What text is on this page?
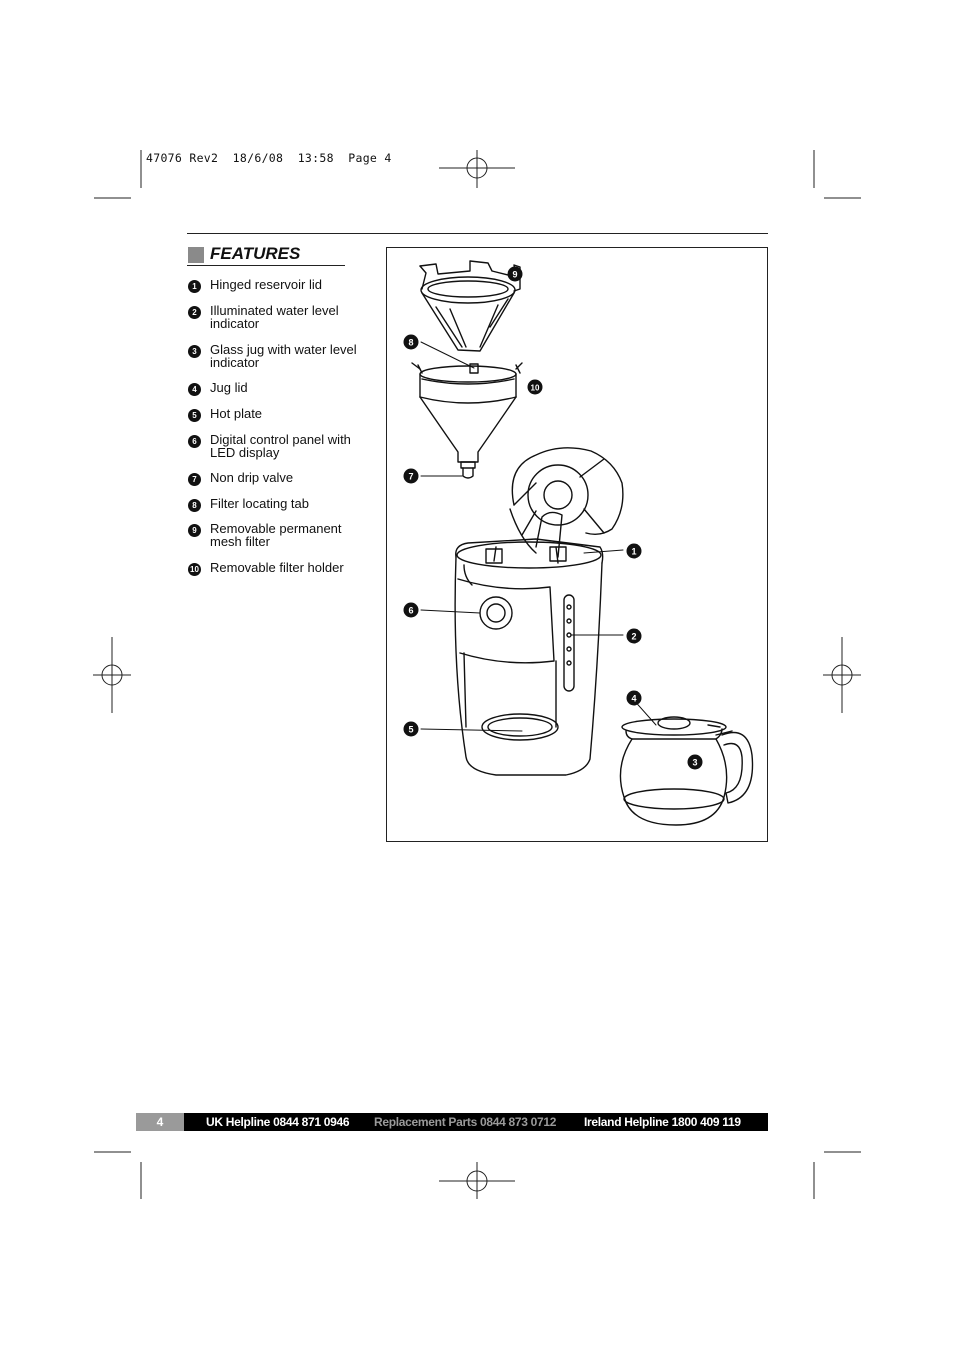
47076 Rev2  18/6/08  13:58  Page 4
FEATURES
1	Hinged reservoir lid
2	Illuminated water level indicator
3	Glass jug with water level indicator
4	Jug lid
5	Hot plate
6	Digital control panel with LED display
7	Non drip valve
8	Filter locating tab
9	Removable permanent mesh filter
10 Removable filter holder
9
8
10
7
1
6
2
4
5
3
4	UK Helpline 0844 871 0946 Replacement Parts 0844 873 0712 Ireland Helpline 1800 409 119
